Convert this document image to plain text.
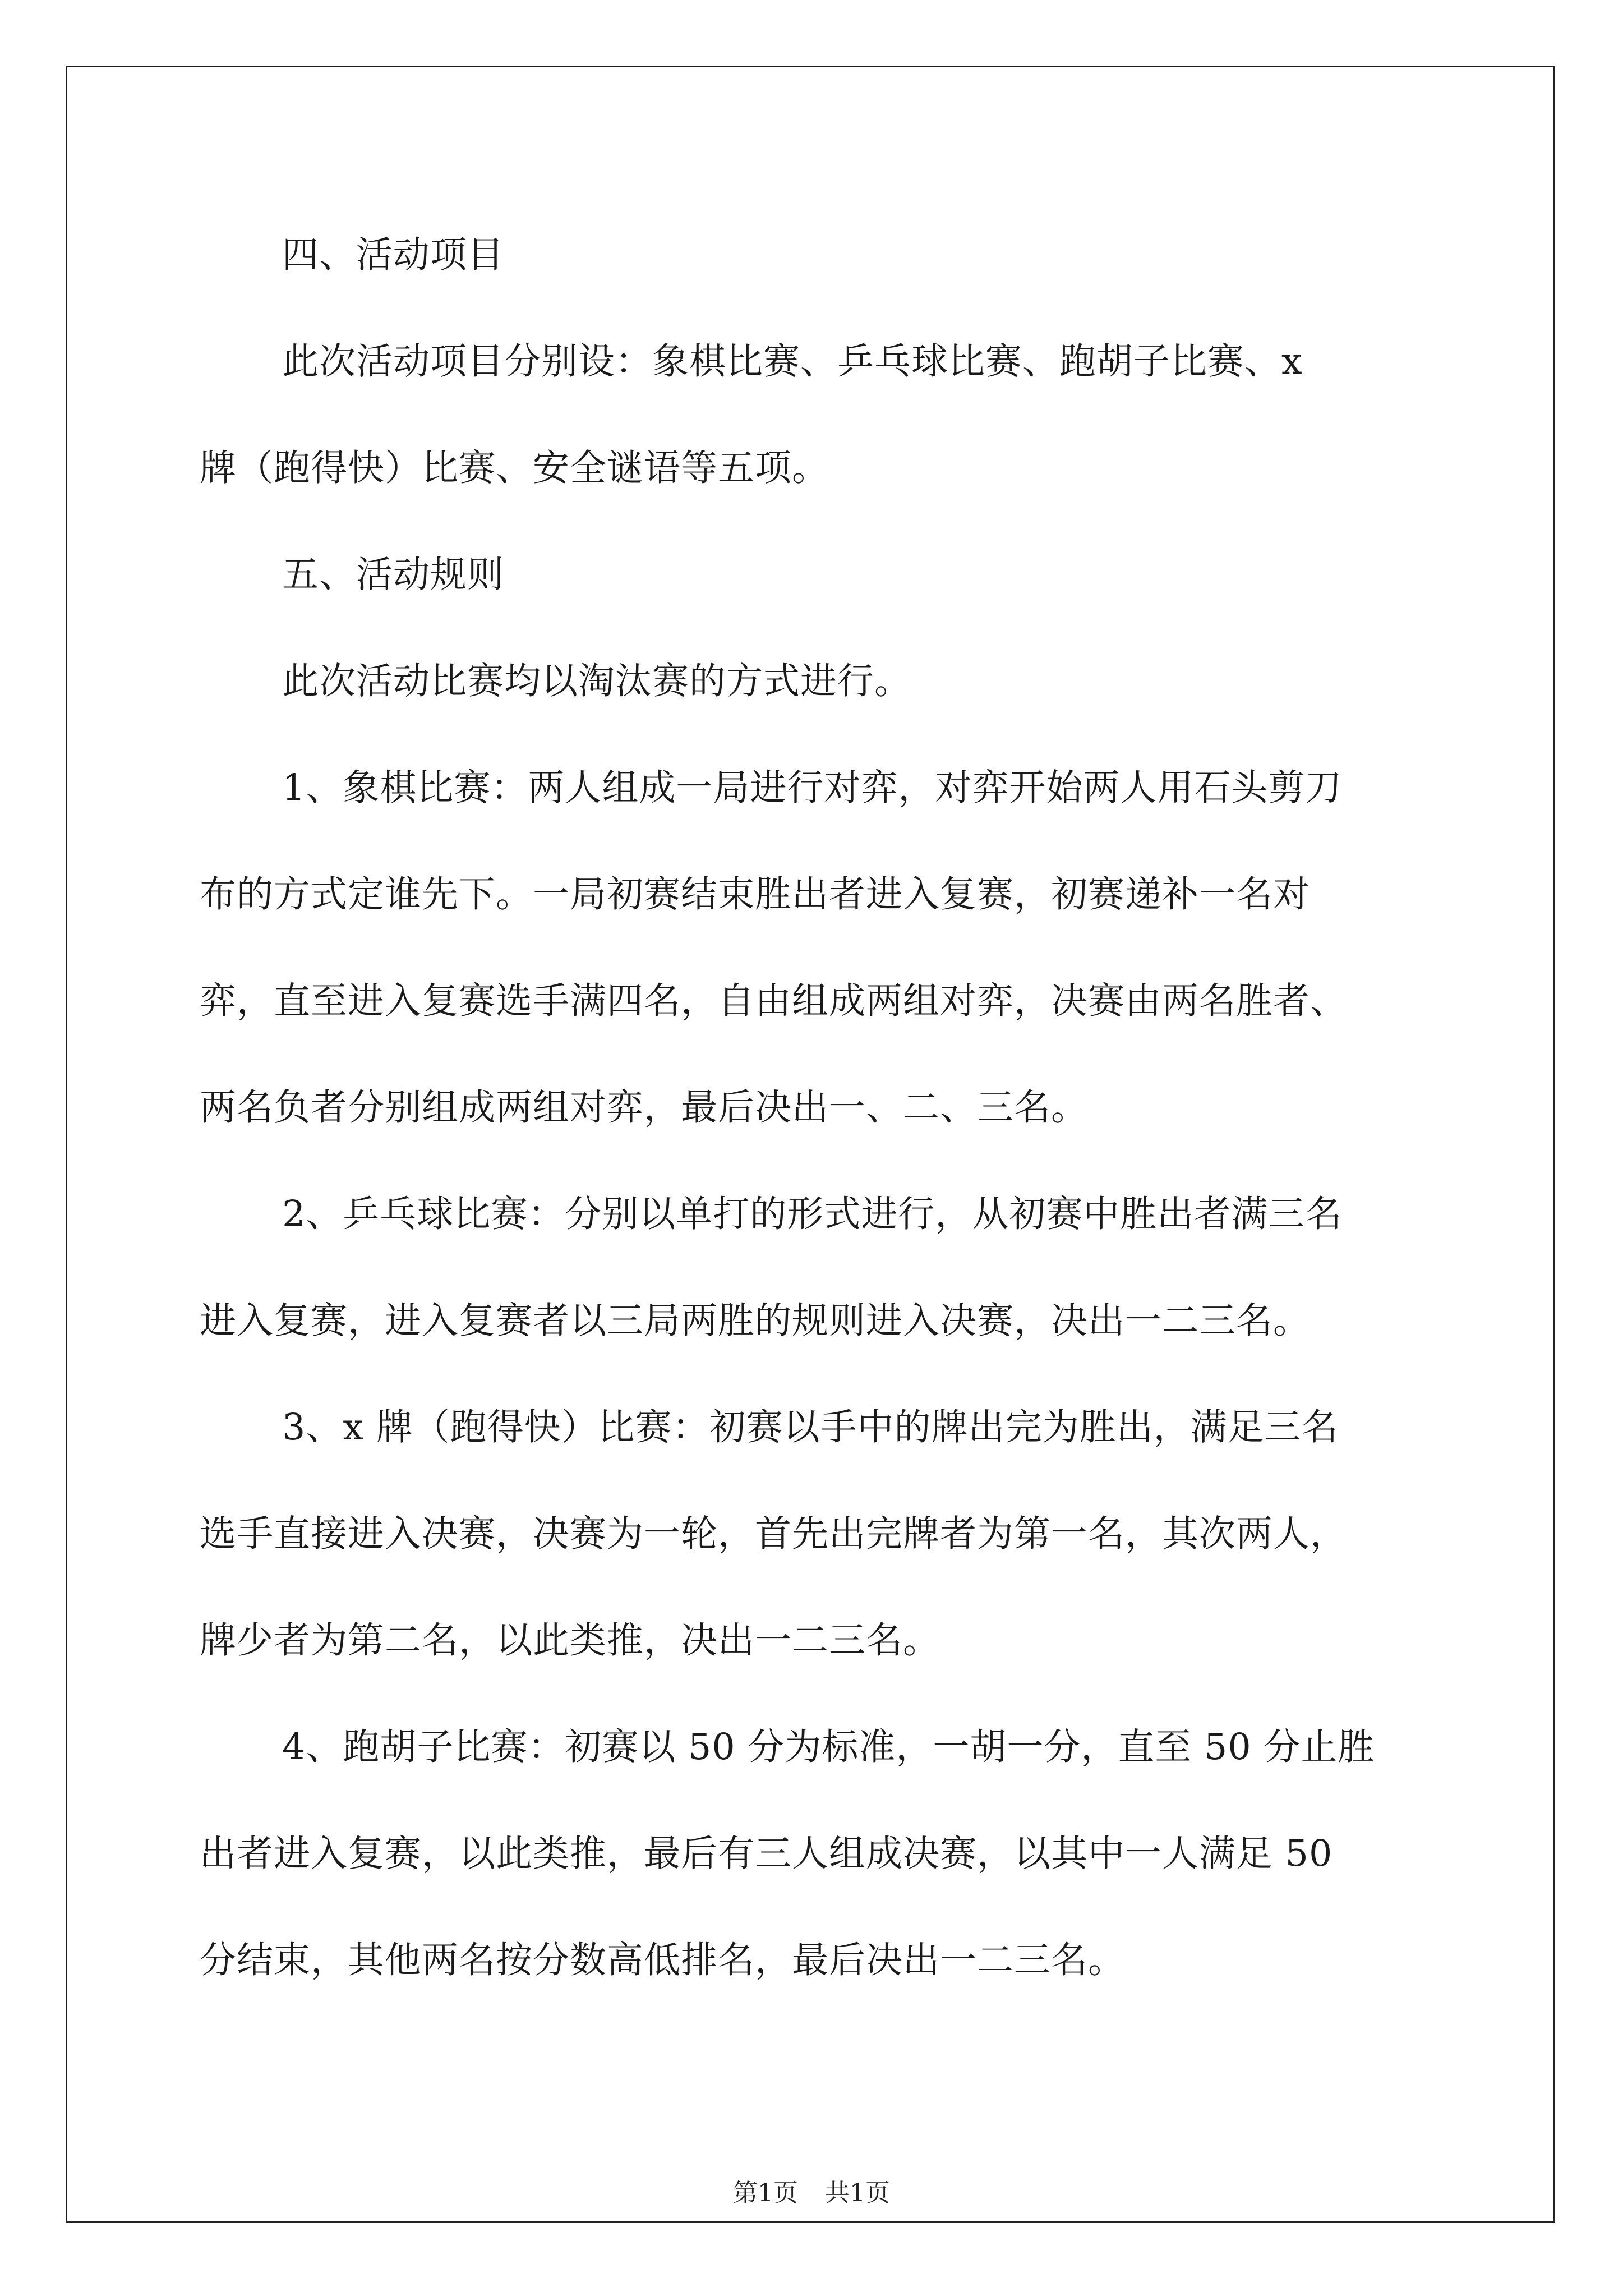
四、活动项目
此次活动项目分别设：象棋比赛、乒乓球比赛、跑胡子比赛、x
牌（跑得快）比赛、安全谜语等五项。
五、活动规则
此次活动比赛均以淘汰赛的方式进行。
1、象棋比赛：两人组成一局进行对弈，对弈开始两人用石头剪刀
布的方式定谁先下。一局初赛结束胜出者进入复赛，初赛递补一名对
弈，直至进入复赛选手满四名，自由组成两组对弈，决赛由两名胜者、
两名负者分别组成两组对弈，最后决出一、二、三名。
2、乒乓球比赛：分别以单打的形式进行，从初赛中胜出者满三名
进入复赛，进入复赛者以三局两胜的规则进入决赛，决出一二三名。
3、x 牌（跑得快）比赛：初赛以手中的牌出完为胜出，满足三名
选手直接进入决赛，决赛为一轮，首先出完牌者为第一名，其次两人，
牌少者为第二名，以此类推，决出一二三名。
4、跑胡子比赛：初赛以 50 分为标准，一胡一分，直至 50 分止胜
出者进入复赛，以此类推，最后有三人组成决赛，以其中一人满足 50
分结束，其他两名按分数高低排名，最后决出一二三名。
第1页 共1页
